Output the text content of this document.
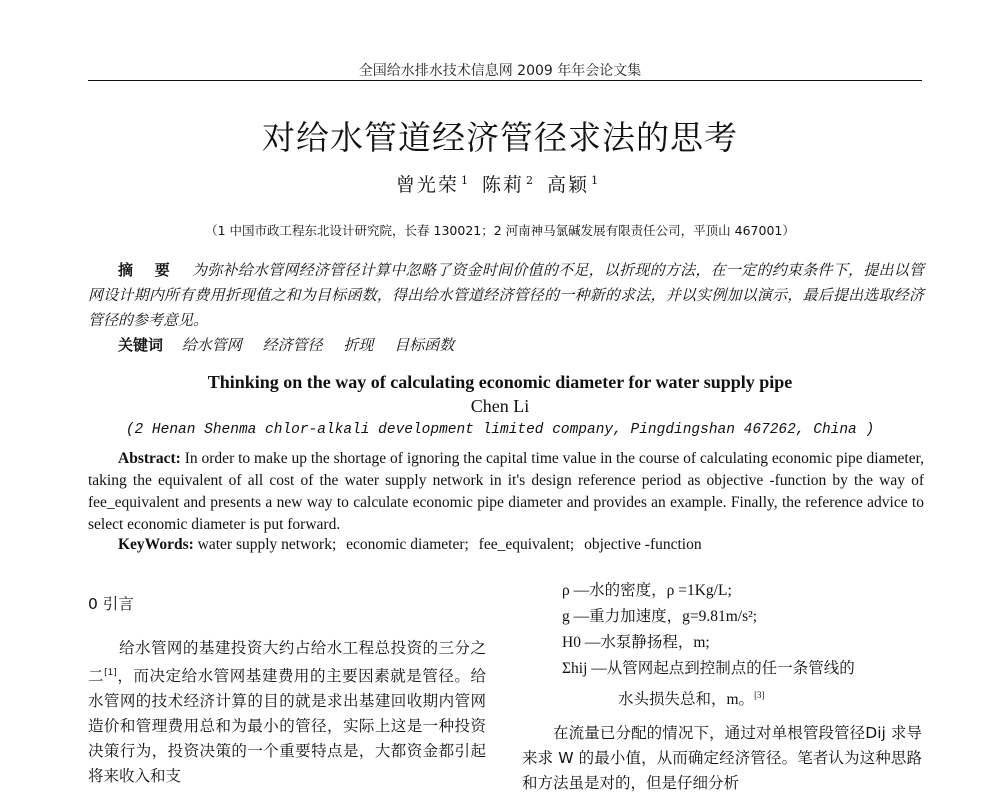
全国给水排水技术信息网 2009 年年会论文集
对给水管道经济管径求法的思考
曾光荣 $^1$ 陈莉 $^2$ 高颖 $^1$
（1 中国市政工程东北设计研究院，长春 130021；2 河南神马氯碱发展有限责任公司，平顶山 467001）
摘 要 为弥补给水管网经济管径计算中忽略了资金时间价值的不足，以折现的方法，在一定的约束条件下，提出以管网设计期内所有费用折现值之和为目标函数，得出给水管道经济管径的一种新的求法，并以实例加以演示，最后提出选取经济管径的参考意见。
关键词 给水管网 经济管径 折现 目标函数
Thinking on the way of calculating economic diameter for water supply pipe
Chen Li
(2 Henan Shenma chlor-alkali development limited company, Pingdingshan 467262, China )
Abstract: In order to make up the shortage of ignoring the capital time value in the course of calculating economic pipe diameter, taking the equivalent of all cost of the water supply network in it's design reference period as objective -function by the way of fee_equivalent and presents a new way to calculate economic pipe diameter and provides an example. Finally, the reference advice to select economic diameter is put forward.
KeyWords: water supply network; economic diameter; fee_equivalent; objective -function
0 引言

给水管网的基建投资大约占给水工程总投资的三分之二[1]，而决定给水管网基建费用的主要因素就是管径。给水管网的技术经济计算的目的就是求出基建回收期内管网造价和管理费用总和为最小的管径，实际上这是一种投资决策行为，投资决策的一个重要特点是，大都资金都引起将来收入和支

ρ —水的密度，ρ =1Kg/L;
g —重力加速度，g=9.81m/s²;
H0 —水泵静扬程，m;
Σhij —从管网起点到控制点的任一条管线的
水头损失总和，m。[3]

在流量已分配的情况下，通过对单根管段管径Dij 求导来求 W 的最小值，从而确定经济管径。笔者认为这种思路和方法虽是对的，但是仔细分析
